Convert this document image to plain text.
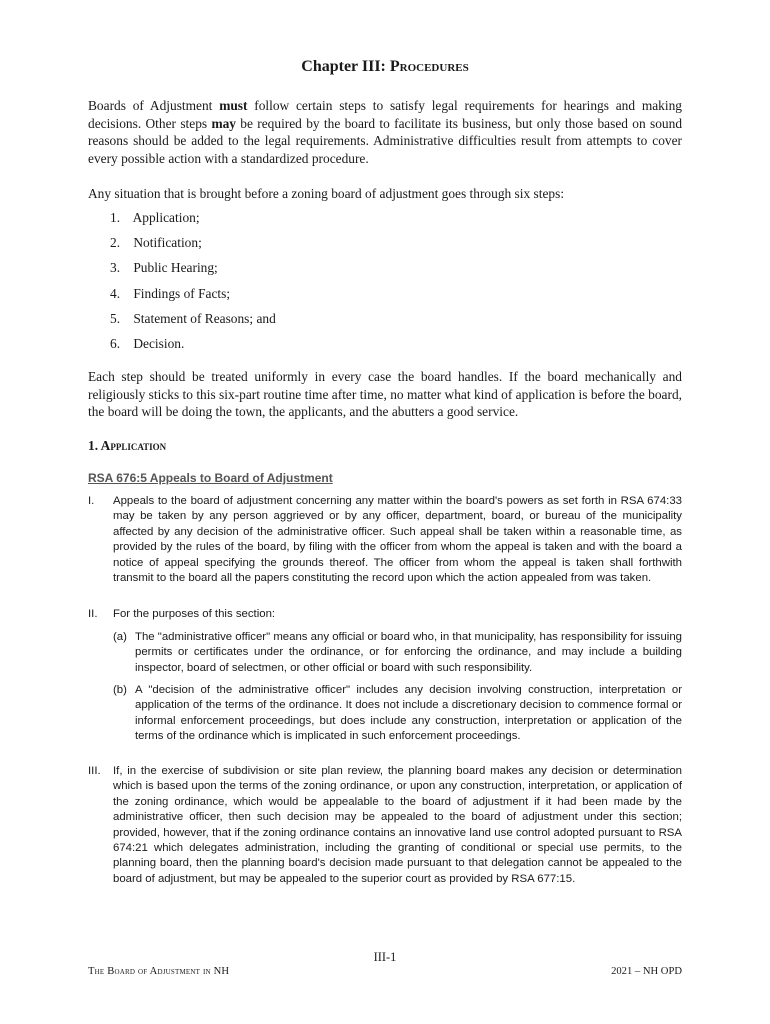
Chapter III: Procedures

Boards of Adjustment must follow certain steps to satisfy legal requirements for hearings and making decisions. Other steps may be required by the board to facilitate its business, but only those based on sound reasons should be added to the legal requirements. Administrative difficulties result from attempts to cover every possible action with a standardized procedure.

Any situation that is brought before a zoning board of adjustment goes through six steps:

1. Application;
2. Notification;
3. Public Hearing;
4. Findings of Facts;
5. Statement of Reasons; and
6. Decision.

Each step should be treated uniformly in every case the board handles. If the board mechanically and religiously sticks to this six-part routine time after time, no matter what kind of application is before the board, the board will be doing the town, the applicants, and the abutters a good service.

1. Application
RSA 676:5 Appeals to Board of Adjustment
I. Appeals to the board of adjustment concerning any matter within the board's powers as set forth in RSA 674:33 may be taken by any person aggrieved or by any officer, department, board, or bureau of the municipality affected by any decision of the administrative officer. Such appeal shall be taken within a reasonable time, as provided by the rules of the board, by filing with the officer from whom the appeal is taken and with the board a notice of appeal specifying the grounds thereof. The officer from whom the appeal is taken shall forthwith transmit to the board all the papers constituting the record upon which the action appealed from was taken.
II. For the purposes of this section:
(a) The "administrative officer" means any official or board who, in that municipality, has responsibility for issuing permits or certificates under the ordinance, or for enforcing the ordinance, and may include a building inspector, board of selectmen, or other official or board with such responsibility.
(b) A "decision of the administrative officer" includes any decision involving construction, interpretation or application of the terms of the ordinance. It does not include a discretionary decision to commence formal or informal enforcement proceedings, but does include any construction, interpretation or application of the terms of the ordinance which is implicated in such enforcement proceedings.
III. If, in the exercise of subdivision or site plan review, the planning board makes any decision or determination which is based upon the terms of the zoning ordinance, or upon any construction, interpretation, or application of the zoning ordinance, which would be appealable to the board of adjustment if it had been made by the administrative officer, then such decision may be appealed to the board of adjustment under this section; provided, however, that if the zoning ordinance contains an innovative land use control adopted pursuant to RSA 674:21 which delegates administration, including the granting of conditional or special use permits, to the planning board, then the planning board's decision made pursuant to that delegation cannot be appealed to the board of adjustment, but may be appealed to the superior court as provided by RSA 677:15.
III-1
The Board of Adjustment in NH	2021 – NH OPD
